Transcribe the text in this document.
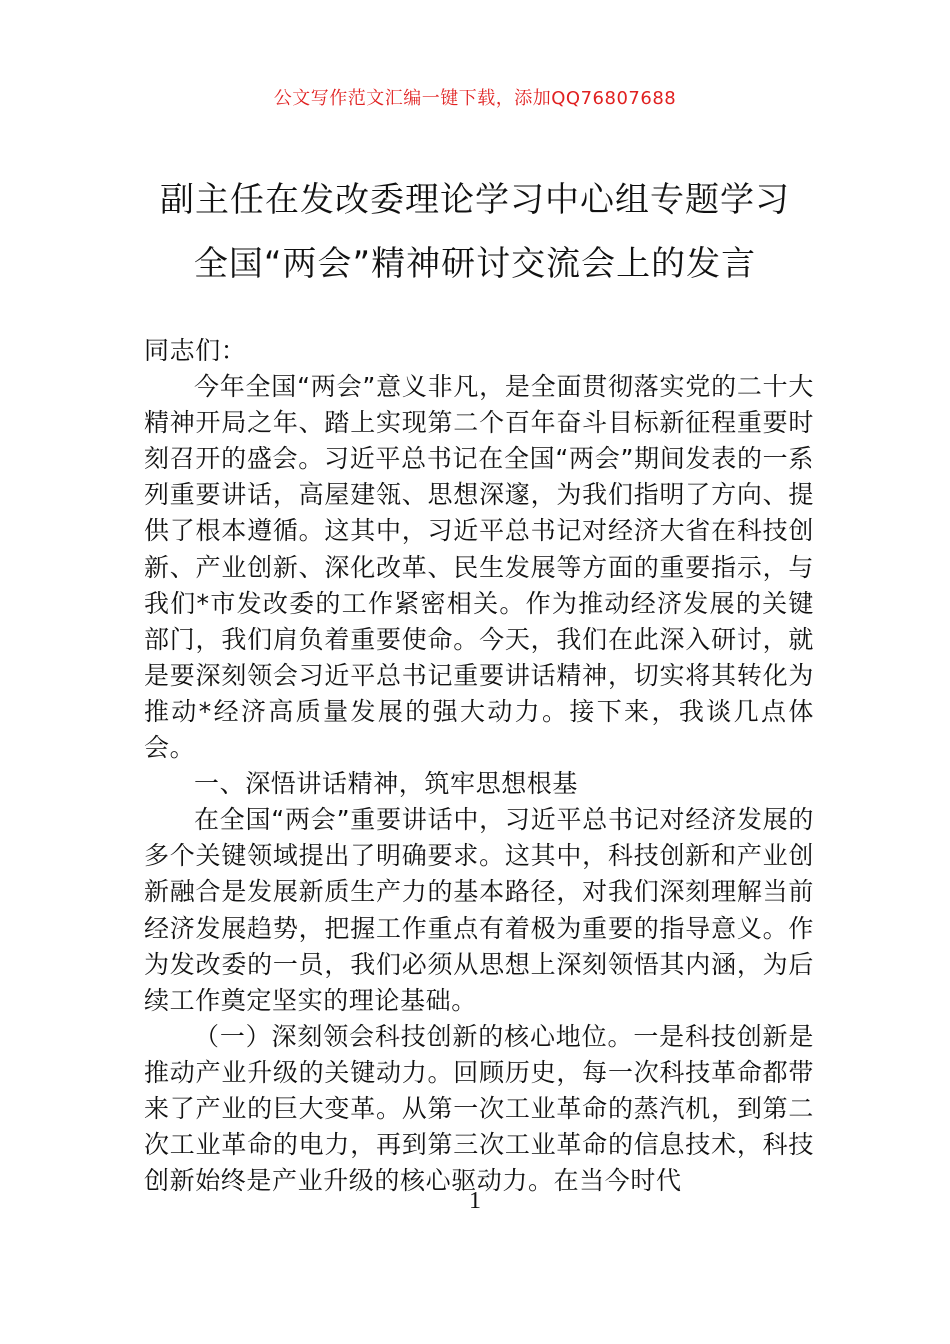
公文写作范文汇编一键下载，添加QQ76807688
副主任在发改委理论学习中心组专题学习
全国“两会”精神研讨交流会上的发言

同志们：

今年全国“两会”意义非凡，是全面贯彻落实党的二十大精神开局之年、踏上实现第二个百年奋斗目标新征程重要时刻召开的盛会。习近平总书记在全国“两会”期间发表的一系列重要讲话，高屋建瓴、思想深邃，为我们指明了方向、提供了根本遵循。这其中，习近平总书记对经济大省在科技创新、产业创新、深化改革、民生发展等方面的重要指示，与我们*市发改委的工作紧密相关。作为推动经济发展的关键部门，我们肩负着重要使命。今天，我们在此深入研讨，就是要深刻领会习近平总书记重要讲话精神，切实将其转化为推动*经济高质量发展的强大动力。接下来，我谈几点体会。

一、深悟讲话精神，筑牢思想根基

在全国“两会”重要讲话中，习近平总书记对经济发展的多个关键领域提出了明确要求。这其中，科技创新和产业创新融合是发展新质生产力的基本路径，对我们深刻理解当前经济发展趋势，把握工作重点有着极为重要的指导意义。作为发改委的一员，我们必须从思想上深刻领悟其内涵，为后续工作奠定坚实的理论基础。

（一）深刻领会科技创新的核心地位。一是科技创新是推动产业升级的关键动力。回顾历史，每一次科技革命都带来了产业的巨大变革。从第一次工业革命的蒸汽机，到第二次工业革命的电力，再到第三次工业革命的信息技术，科技创新始终是产业升级的核心驱动力。在当今时代

1
